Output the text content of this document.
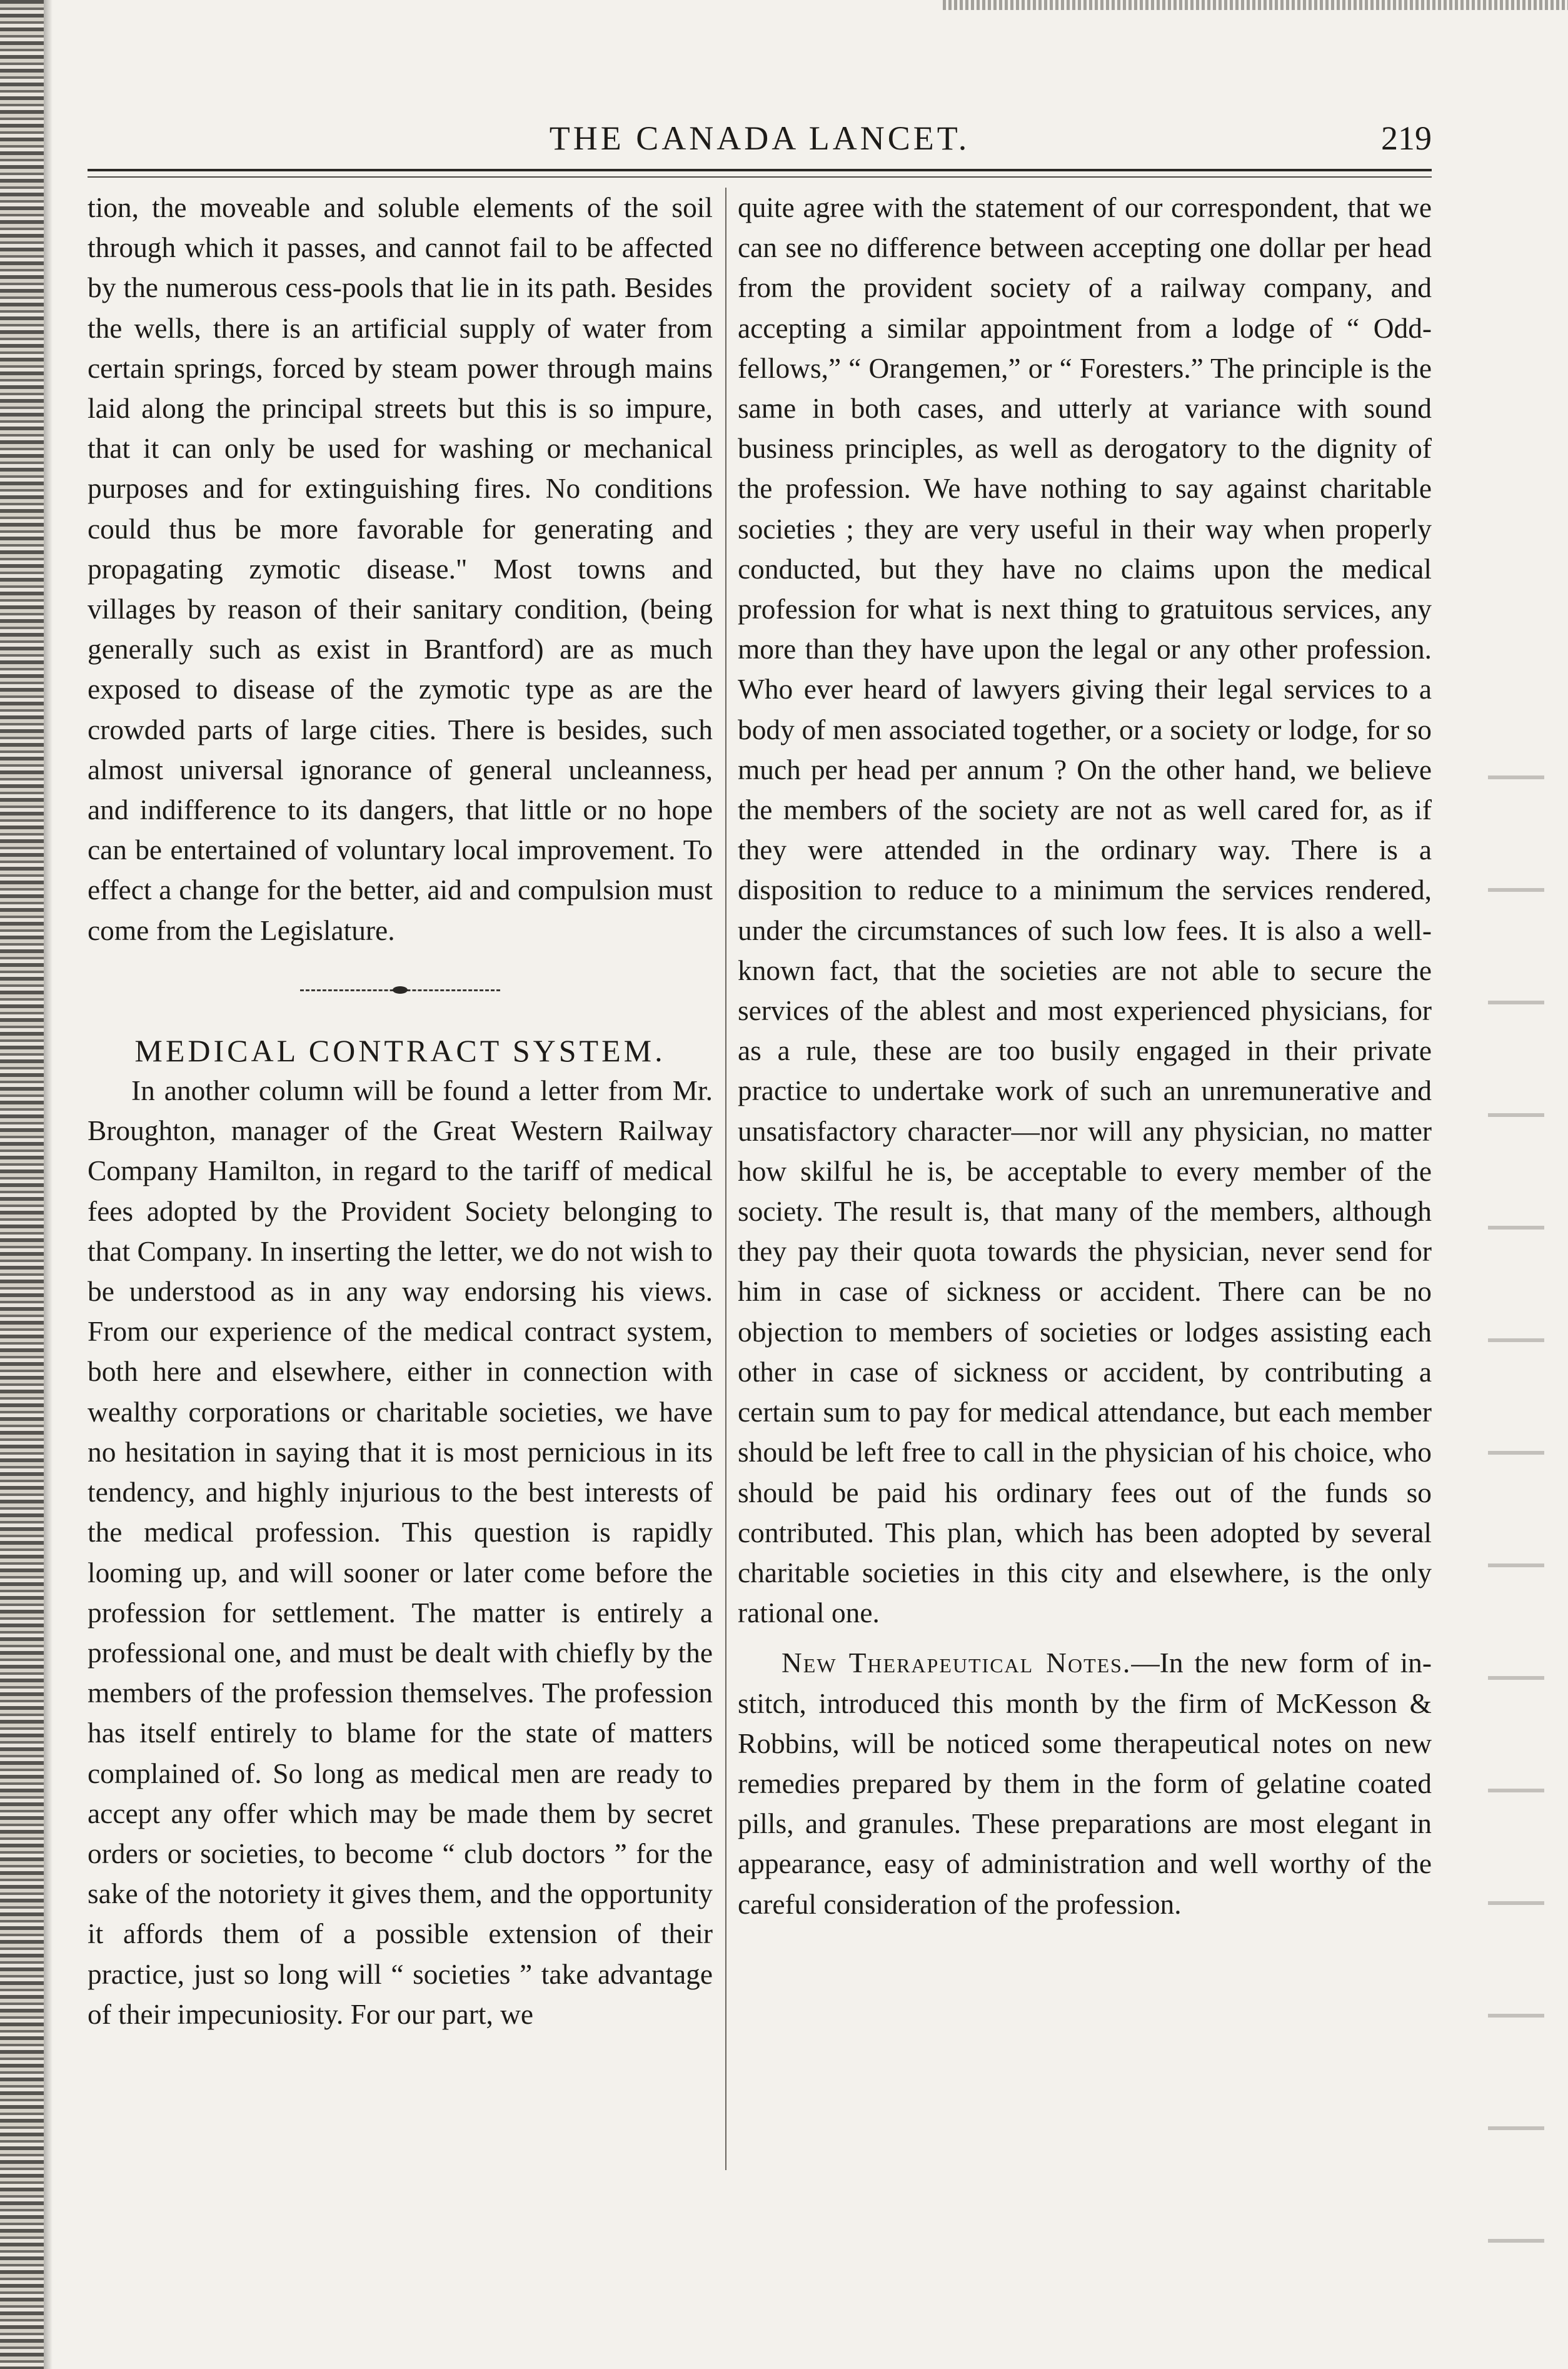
THE CANADA LANCET.	219

tion, the moveable and soluble elements of the soil through which it passes, and cannot fail to be affected by the numerous cess-pools that lie in its path. Besides the wells, there is an artificial supply of water from certain springs, forced by steam power through mains laid along the principal streets but this is so impure, that it can only be used for washing or mechanical purposes and for extinguishing fires. No conditions could thus be more favorable for generating and propagating zymotic disease." Most towns and villages by reason of their sanitary condition, (being generally such as exist in Brantford) are as much exposed to disease of the zymotic type as are the crowded parts of large cities. There is besides, such almost universal ignorance of general uncleanness, and indifference to its dangers, that little or no hope can be entertained of voluntary local improvement. To effect a change for the better, aid and compulsion must come from the Legislature.

MEDICAL CONTRACT SYSTEM.

In another column will be found a letter from Mr. Broughton, manager of the Great Western Railway Company Hamilton, in regard to the tariff of medical fees adopted by the Provident Society belonging to that Company. In inserting the letter, we do not wish to be understood as in any way endorsing his views. From our experience of the medical contract system, both here and elsewhere, either in connection with wealthy corporations or charitable societies, we have no hesitation in saying that it is most pernicious in its tendency, and highly injurious to the best interests of the medical profession. This question is rapidly looming up, and will sooner or later come before the profession for settlement. The matter is entirely a professional one, and must be dealt with chiefly by the members of the profession themselves. The profession has itself entirely to blame for the state of matters complained of. So long as medical men are ready to accept any offer which may be made them by secret orders or societies, to become “ club doctors ” for the sake of the notoriety it gives them, and the opportunity it affords them of a possible extension of their practice, just so long will “ societies ” take advantage of their impecuniosity. For our part, we

quite agree with the statement of our correspondent, that we can see no difference between accepting one dollar per head from the provident society of a railway company, and accepting a similar appointment from a lodge of “ Odd-fellows,” “ Orangemen,” or “ Foresters.” The principle is the same in both cases, and utterly at variance with sound business principles, as well as derogatory to the dignity of the profession. We have nothing to say against charitable societies ; they are very useful in their way when properly conducted, but they have no claims upon the medical profession for what is next thing to gratuitous services, any more than they have upon the legal or any other profession. Who ever heard of lawyers giving their legal services to a body of men associated together, or a society or lodge, for so much per head per annum ? On the other hand, we believe the members of the society are not as well cared for, as if they were attended in the ordinary way. There is a disposition to reduce to a minimum the services rendered, under the circumstances of such low fees. It is also a well-known fact, that the societies are not able to secure the services of the ablest and most experienced physicians, for as a rule, these are too busily engaged in their private practice to undertake work of such an unremunerative and unsatisfactory character—nor will any physician, no matter how skilful he is, be acceptable to every member of the society. The result is, that many of the members, although they pay their quota towards the physician, never send for him in case of sickness or accident. There can be no objection to members of societies or lodges assisting each other in case of sickness or accident, by contributing a certain sum to pay for medical attendance, but each member should be left free to call in the physician of his choice, who should be paid his ordinary fees out of the funds so contributed. This plan, which has been adopted by several charitable societies in this city and elsewhere, is the only rational one.

New Therapeutical Notes.—In the new form of in-stitch, introduced this month by the firm of McKesson & Robbins, will be noticed some therapeutical notes on new remedies prepared by them in the form of gelatine coated pills, and granules. These preparations are most elegant in appearance, easy of administration and well worthy of the careful consideration of the profession.
